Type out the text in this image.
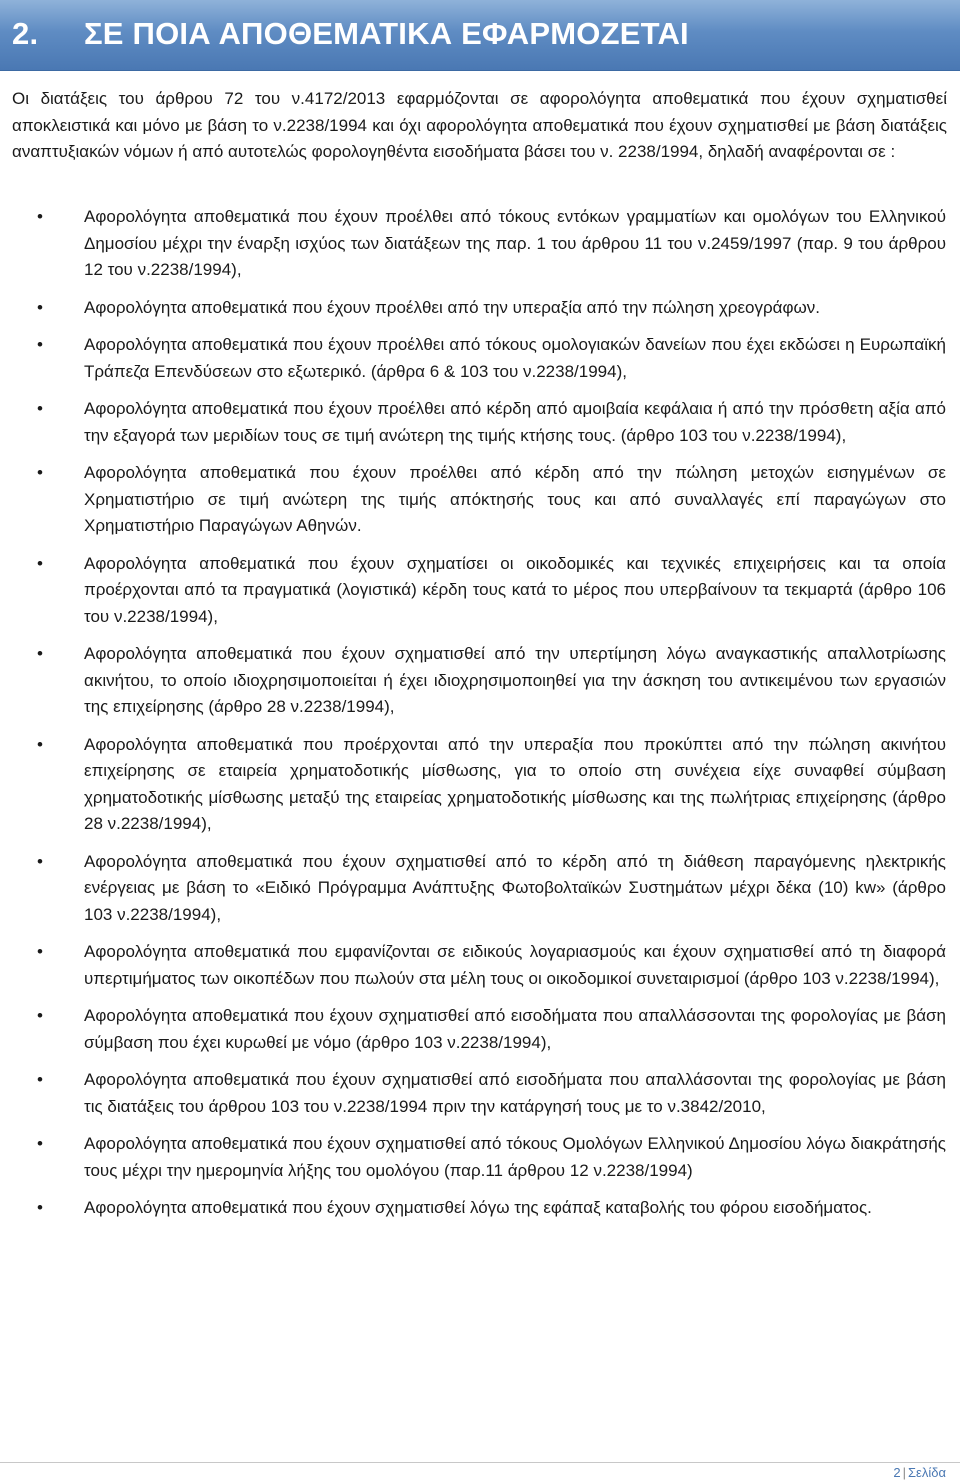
2. ΣΕ ΠΟΙΑ ΑΠΟΘΕΜΑΤΙΚΑ ΕΦΑΡΜΟΖΕΤΑΙ
Οι διατάξεις του άρθρου 72 του ν.4172/2013 εφαρμόζονται σε αφορολόγητα αποθεματικά που έχουν σχηματισθεί αποκλειστικά και μόνο με βάση το ν.2238/1994 και όχι αφορολόγητα αποθεματικά που έχουν σχηματισθεί με βάση διατάξεις αναπτυξιακών νόμων ή από αυτοτελώς φορολογηθέντα εισοδήματα βάσει του ν. 2238/1994, δηλαδή αναφέρονται σε :
• Αφορολόγητα αποθεματικά που έχουν προέλθει από τόκους εντόκων γραμματίων και ομολόγων του Ελληνικού Δημοσίου μέχρι την έναρξη ισχύος των διατάξεων της παρ. 1 του άρθρου 11 του ν.2459/1997 (παρ. 9 του άρθρου 12 του ν.2238/1994),
• Αφορολόγητα αποθεματικά που έχουν προέλθει από την υπεραξία από την πώληση χρεογράφων.
• Αφορολόγητα αποθεματικά που έχουν προέλθει από τόκους ομολογιακών δανείων που έχει εκδώσει η Ευρωπαϊκή Τράπεζα Επενδύσεων στο εξωτερικό. (άρθρα 6 & 103 του ν.2238/1994),
• Αφορολόγητα αποθεματικά που έχουν προέλθει από κέρδη από αμοιβαία κεφάλαια ή από την πρόσθετη αξία από την εξαγορά των μεριδίων τους σε τιμή ανώτερη της τιμής κτήσης τους. (άρθρο 103 του ν.2238/1994),
• Αφορολόγητα αποθεματικά που έχουν προέλθει από κέρδη από την πώληση μετοχών εισηγμένων σε Χρηματιστήριο σε τιμή ανώτερη της τιμής απόκτησής τους και από συναλλαγές επί παραγώγων στο Χρηματιστήριο Παραγώγων Αθηνών.
• Αφορολόγητα αποθεματικά που έχουν σχηματίσει οι οικοδομικές και τεχνικές επιχειρήσεις και τα οποία προέρχονται από τα πραγματικά (λογιστικά) κέρδη τους κατά το μέρος που υπερβαίνουν τα τεκμαρτά (άρθρο 106 του ν.2238/1994),
• Αφορολόγητα αποθεματικά που έχουν σχηματισθεί από την υπερτίμηση λόγω αναγκαστικής απαλλοτρίωσης ακινήτου, το οποίο ιδιοχρησιμοποιείται ή έχει ιδιοχρησιμοποιηθεί για την άσκηση του αντικειμένου των εργασιών της επιχείρησης (άρθρο 28 ν.2238/1994),
• Αφορολόγητα αποθεματικά που προέρχονται από την υπεραξία που προκύπτει από την πώληση ακινήτου επιχείρησης σε εταιρεία χρηματοδοτικής μίσθωσης, για το οποίο στη συνέχεια είχε συναφθεί σύμβαση χρηματοδοτικής μίσθωσης μεταξύ της εταιρείας χρηματοδοτικής μίσθωσης και της πωλήτριας επιχείρησης (άρθρο 28 ν.2238/1994),
• Αφορολόγητα αποθεματικά που έχουν σχηματισθεί από το κέρδη από τη διάθεση παραγόμενης ηλεκτρικής ενέργειας με βάση το «Ειδικό Πρόγραμμα Ανάπτυξης Φωτοβολταϊκών Συστημάτων μέχρι δέκα (10) kw» (άρθρο 103 ν.2238/1994),
• Αφορολόγητα αποθεματικά που εμφανίζονται σε ειδικούς λογαριασμούς και έχουν σχηματισθεί από τη διαφορά υπερτιμήματος των οικοπέδων που πωλούν στα μέλη τους οι οικοδομικοί συνεταιρισμοί (άρθρο 103 ν.2238/1994),
• Αφορολόγητα αποθεματικά που έχουν σχηματισθεί από εισοδήματα που απαλλάσσονται της φορολογίας με βάση σύμβαση που έχει κυρωθεί με νόμο (άρθρο 103 ν.2238/1994),
• Αφορολόγητα αποθεματικά που έχουν σχηματισθεί από εισοδήματα που απαλλάσονται της φορολογίας με βάση τις διατάξεις του άρθρου 103 του ν.2238/1994 πριν την κατάργησή τους με το ν.3842/2010,
• Αφορολόγητα αποθεματικά που έχουν σχηματισθεί από τόκους Ομολόγων Ελληνικού Δημοσίου λόγω διακράτησής τους μέχρι την ημερομηνία λήξης του ομολόγου (παρ.11 άρθρου 12 ν.2238/1994)
• Αφορολόγητα αποθεματικά που έχουν σχηματισθεί λόγω της εφάπαξ καταβολής του φόρου εισοδήματος.
2 | Σελίδα
